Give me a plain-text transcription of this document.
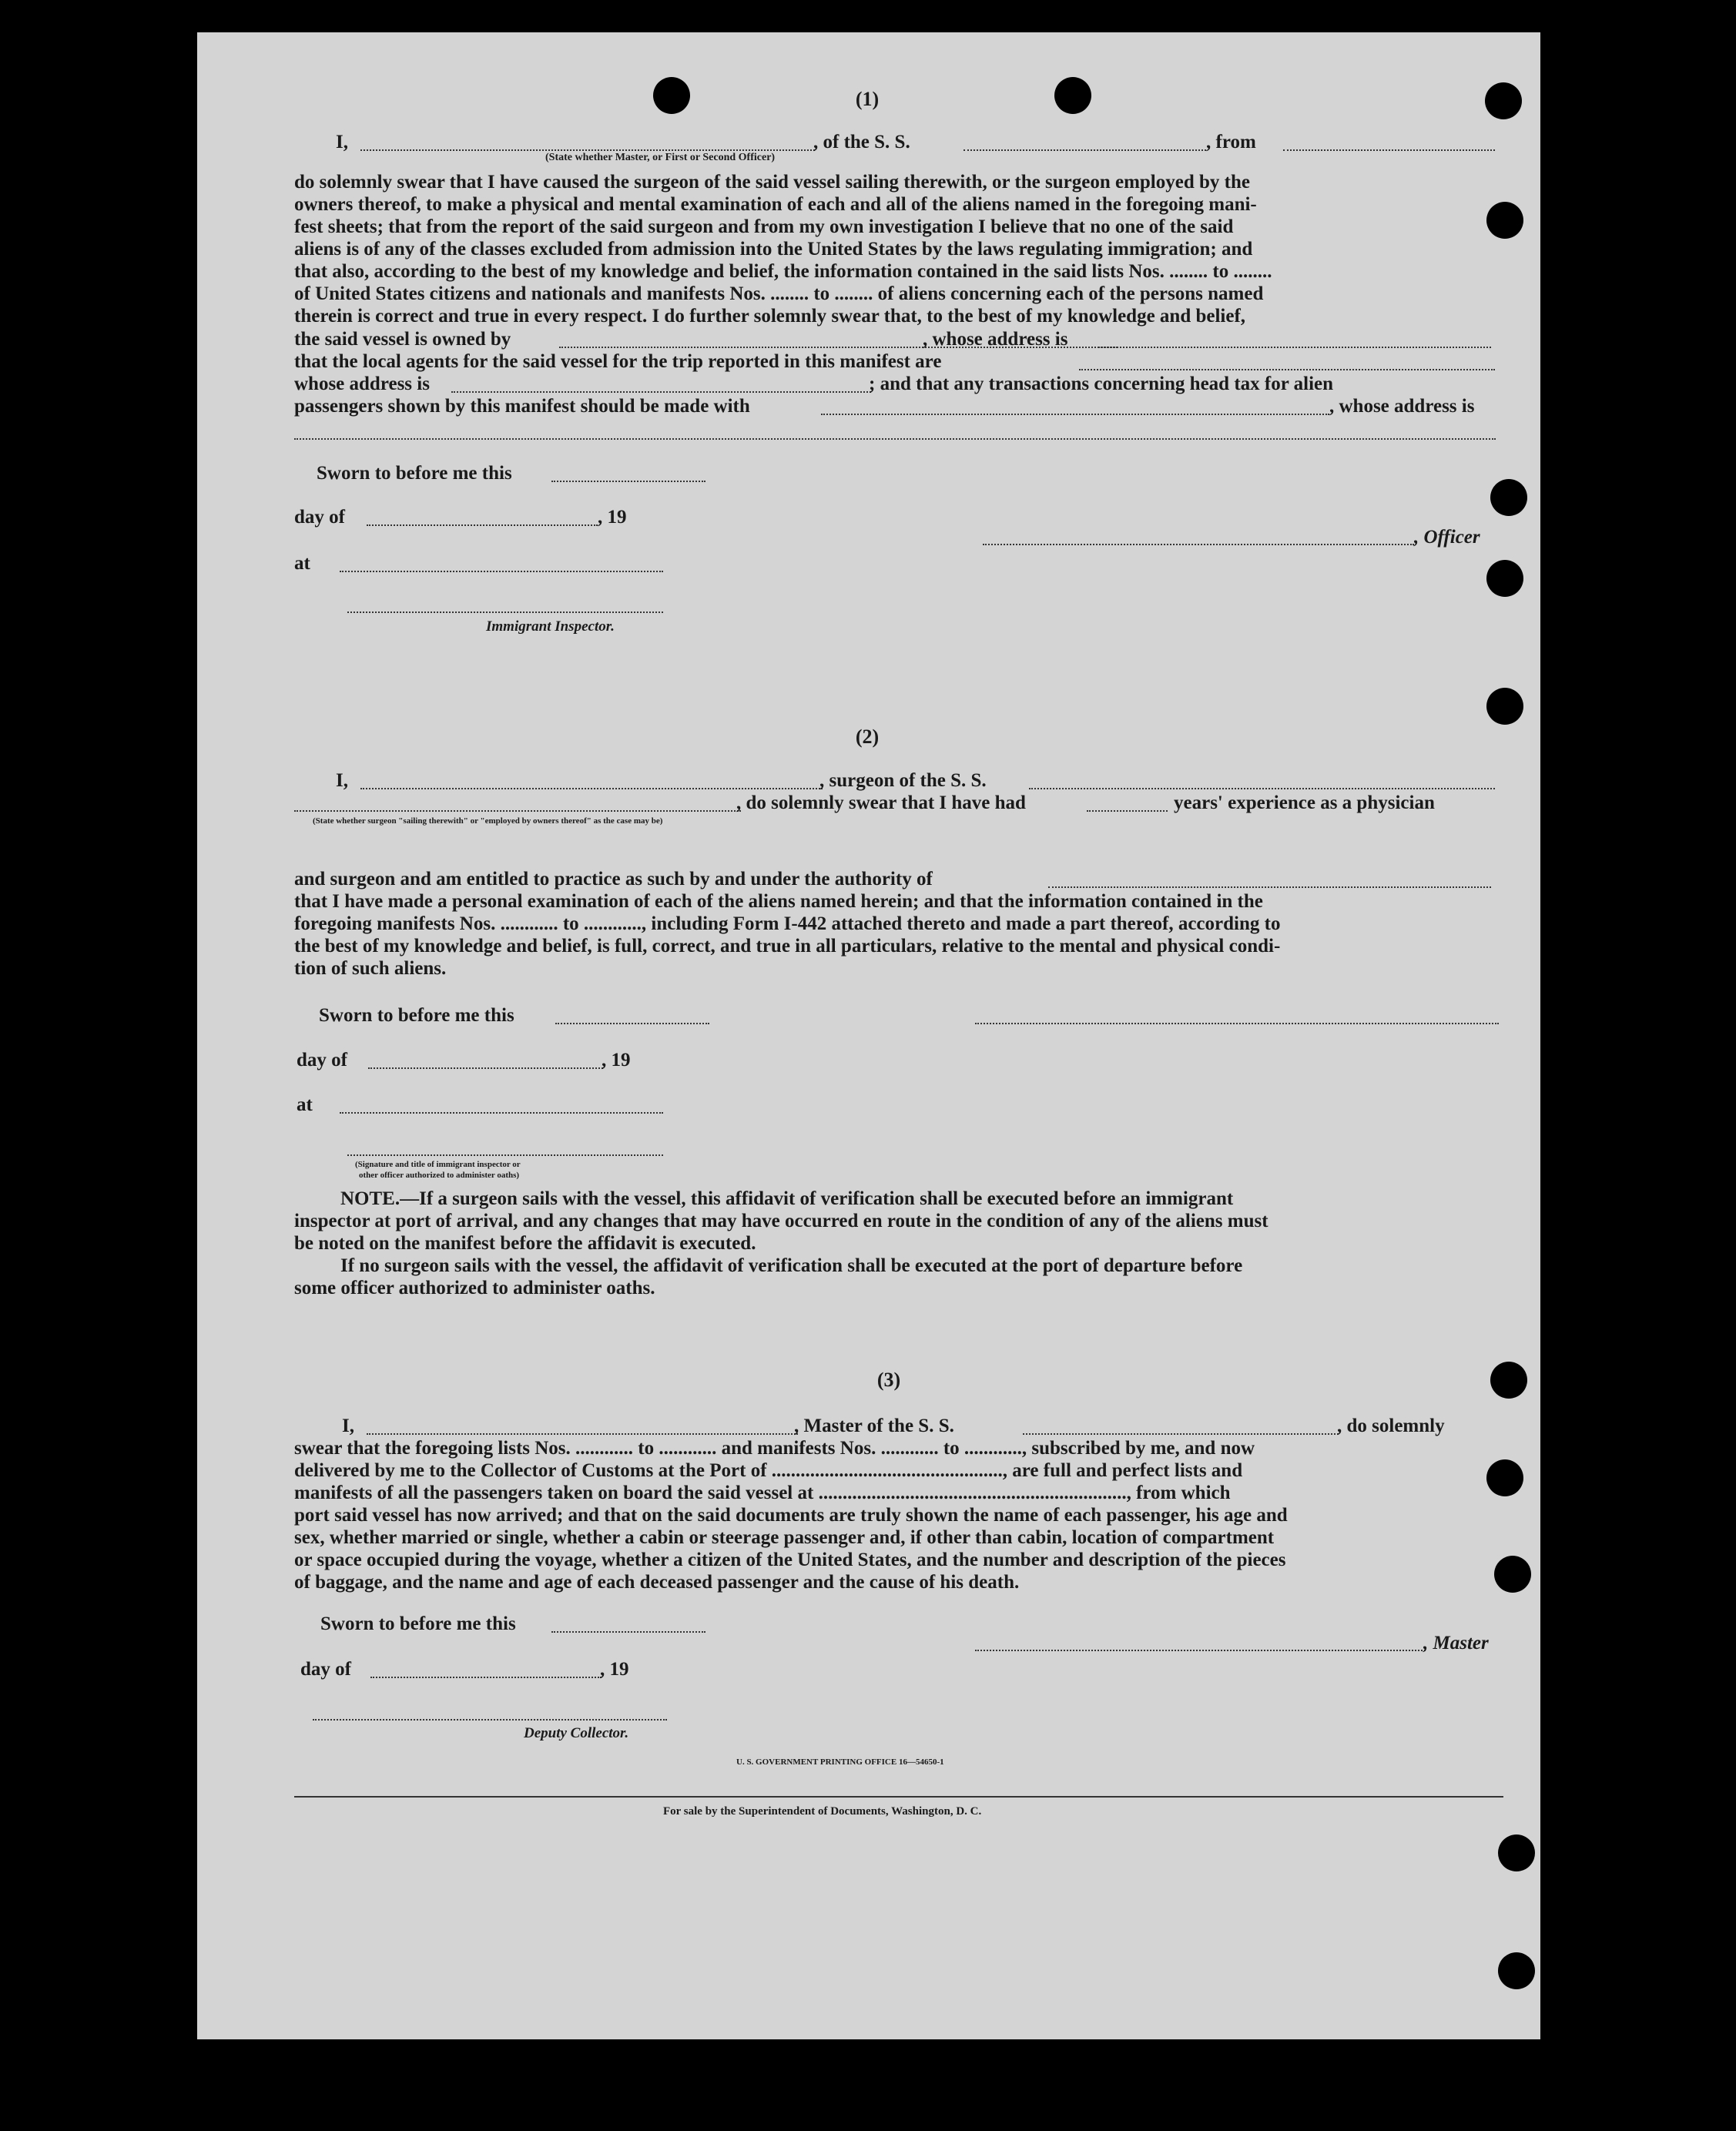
(1)
I,	, of the S. S.	, from
(State whether Master, or First or Second Officer)

do solemnly swear that I have caused the surgeon of the said vessel sailing therewith, or the surgeon employed by the

owners thereof, to make a physical and mental examination of each and all of the aliens named in the foregoing mani-

fest sheets; that from the report of the said surgeon and from my own investigation I believe that no one of the said

aliens is of any of the classes excluded from admission into the United States by the laws regulating immigration; and

that also, according to the best of my knowledge and belief, the information contained in the said lists Nos. ........ to ........

of United States citizens and nationals and manifests Nos. ........ to ........ of aliens concerning each of the persons named

therein is correct and true in every respect. I do further solemnly swear that, to the best of my knowledge and belief,

the said vessel is owned by	, whose address is
that the local agents for the said vessel for the trip reported in this manifest are
whose address is	; and that any transactions concerning head tax for alien
passengers shown by this manifest should be made with	, whose address is
Sworn to before me this
day of	, 19
, Officer
at
Immigrant Inspector.
(2)
I,	, surgeon of the S. S.
, do solemnly swear that I have had	years' experience as a physician
(State whether surgeon "sailing therewith" or "employed by owners thereof" as the case may be)
and surgeon and am entitled to practice as such by and under the authority of

that I have made a personal examination of each of the aliens named herein; and that the information contained in the

foregoing manifests Nos. ............ to ............, including Form I-442 attached thereto and made a part thereof, according to

the best of my knowledge and belief, is full, correct, and true in all particulars, relative to the mental and physical condi-

tion of such aliens.

Sworn to before me this
day of	, 19
at
(Signature and title of immigrant inspector or
other officer authorized to administer oaths)

NOTE.—If a surgeon sails with the vessel, this affidavit of verification shall be executed before an immigrant

inspector at port of arrival, and any changes that may have occurred en route in the condition of any of the aliens must

be noted on the manifest before the affidavit is executed.

If no surgeon sails with the vessel, the affidavit of verification shall be executed at the port of departure before

some officer authorized to administer oaths.

(3)
I,	, Master of the S. S.	, do solemnly

swear that the foregoing lists Nos. ............ to ............ and manifests Nos. ............ to ............, subscribed by me, and now

delivered by me to the Collector of Customs at the Port of ................................................, are full and perfect lists and

manifests of all the passengers taken on board the said vessel at ................................................................, from which

port said vessel has now arrived; and that on the said documents are truly shown the name of each passenger, his age and

sex, whether married or single, whether a cabin or steerage passenger and, if other than cabin, location of compartment

or space occupied during the voyage, whether a citizen of the United States, and the number and description of the pieces

of baggage, and the name and age of each deceased passenger and the cause of his death.

Sworn to before me this
, Master
day of	, 19
Deputy Collector.
U. S. GOVERNMENT PRINTING OFFICE 16—54650-1
For sale by the Superintendent of Documents, Washington, D. C.
